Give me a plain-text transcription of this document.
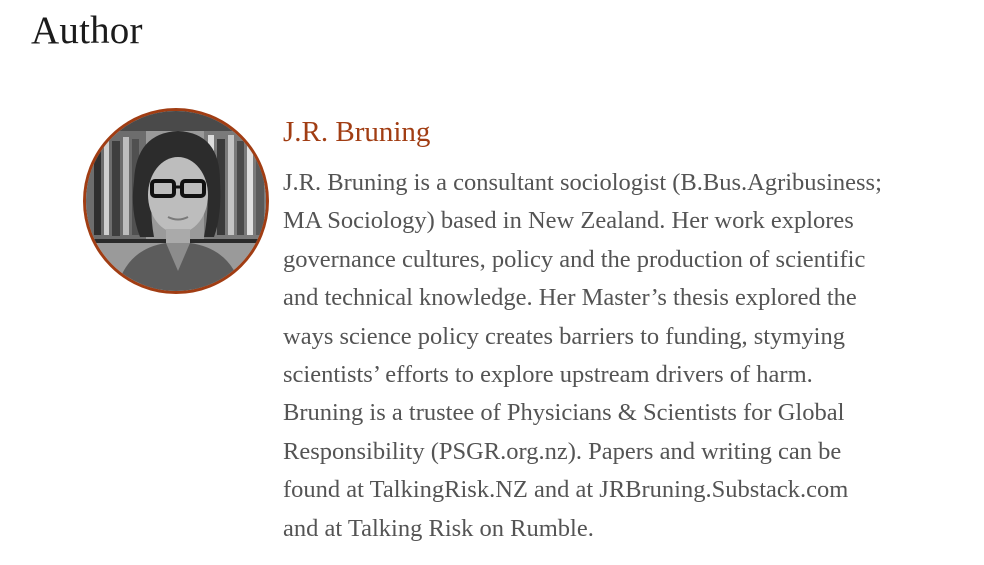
Author
J.R. Bruning

J.R. Bruning is a consultant sociologist (B.Bus.Agribusiness;
MA Sociology) based in New Zealand. Her work explores
governance cultures, policy and the production of scientific
and technical knowledge. Her Master’s thesis explored the
ways science policy creates barriers to funding, stymying
scientists’ efforts to explore upstream drivers of harm.
Bruning is a trustee of Physicians & Scientists for Global
Responsibility (PSGR.org.nz). Papers and writing can be
found at TalkingRisk.NZ and at JRBruning.Substack.com
and at Talking Risk on Rumble.
